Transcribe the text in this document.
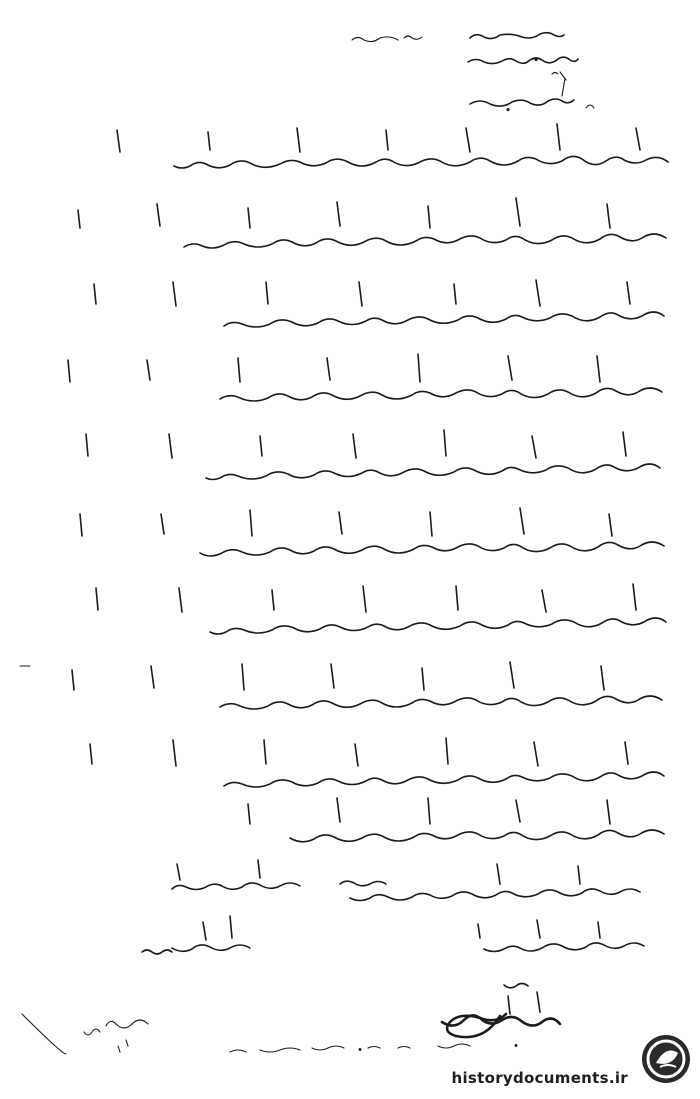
historydocuments.ir
